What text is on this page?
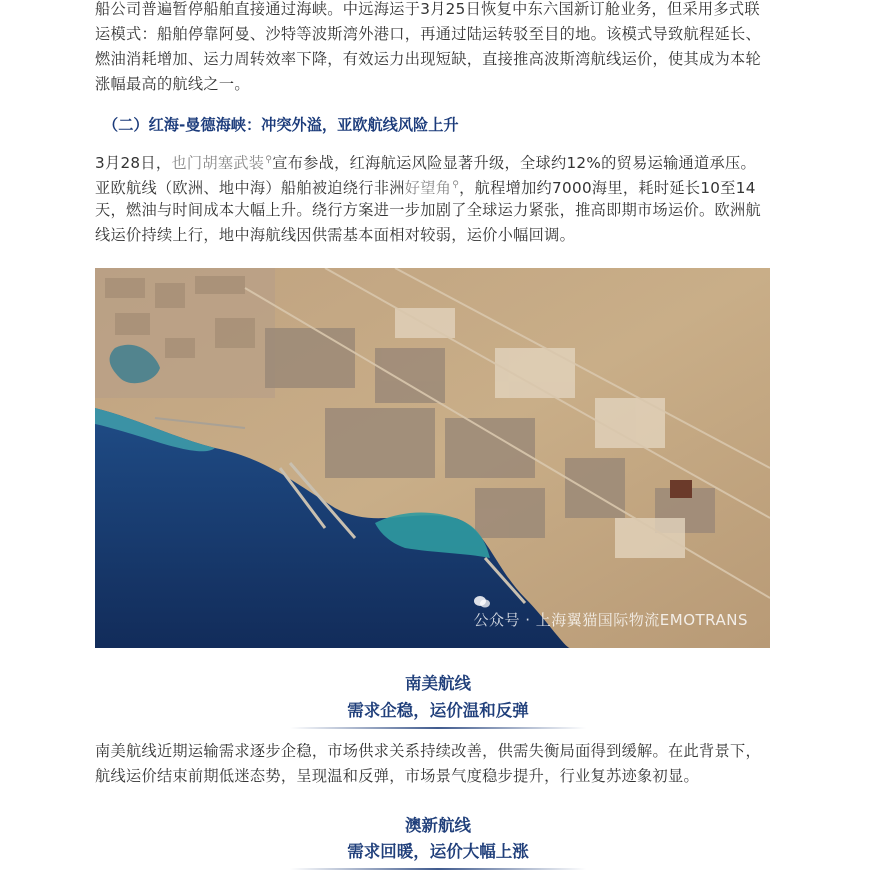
船公司普遍暂停船舶直接通过海峡。中远海运于3月25日恢复中东六国新订舱业务，但采用多式联

运模式：船舶停靠阿曼、沙特等波斯湾外港口，再通过陆运转驳至目的地。该模式导致航程延长、

燃油消耗增加、运力周转效率下降，有效运力出现短缺，直接推高波斯湾航线运价，使其成为本轮

涨幅最高的航线之一。

（二）红海-曼德海峡：冲突外溢，亚欧航线风险上升

3月28日，也门胡塞武装⚲宣布参战，红海航运风险显著升级，全球约12%的贸易运输通道承压。

亚欧航线（欧洲、地中海）船舶被迫绕行非洲好望角⚲，航程增加约7000海里，耗时延长10至14

天，燃油与时间成本大幅上升。绕行方案进一步加剧了全球运力紧张，推高即期市场运价。欧洲航

线运价持续上行，地中海航线因供需基本面相对较弱，运价小幅回调。

公众号 · 上海翼猫国际物流EMOTRANS
南美航线
需求企稳，运价温和反弹

南美航线近期运输需求逐步企稳，市场供求关系持续改善，供需失衡局面得到缓解。在此背景下，

航线运价结束前期低迷态势，呈现温和反弹，市场景气度稳步提升，行业复苏迹象初显。

澳新航线
需求回暖，运价大幅上涨
